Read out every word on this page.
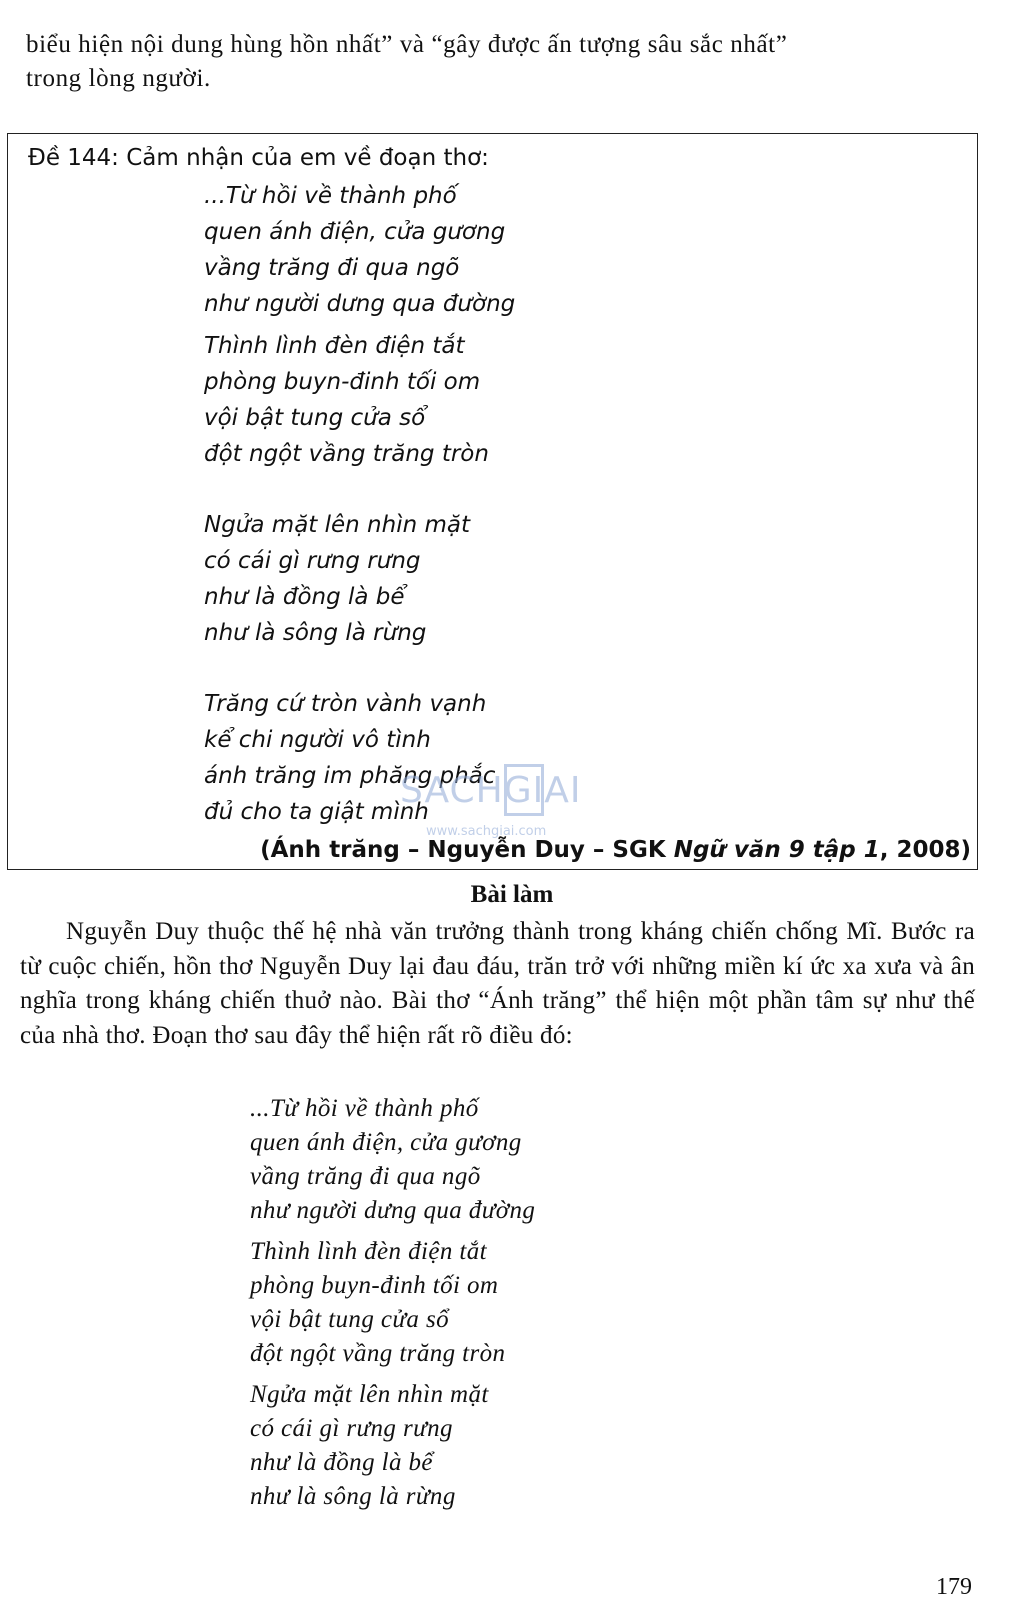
biểu hiện nội dung hùng hồn nhất” và “gây được ấn tượng sâu sắc nhất”

trong lòng người.

Đề 144: Cảm nhận của em về đoạn thơ:

...Từ hồi về thành phố
quen ánh điện, cửa gương
vầng trăng đi qua ngõ
như người dưng qua đường
Thình lình đèn điện tắt
phòng buyn-đinh tối om
vội bật tung cửa sổ
đột ngột vầng trăng tròn
Ngửa mặt lên nhìn mặt
có cái gì rưng rưng
như là đồng là bể
như là sông là rừng
Trăng cứ tròn vành vạnh
kể chi người vô tình
ánh trăng im phăng phắc
đủ cho ta giật mình
(Ánh trăng – Nguyễn Duy – SGK Ngữ văn 9 tập 1, 2008)
SACHGIAI
www.sachgiai.com

Bài làm

Nguyễn Duy thuộc thế hệ nhà văn trưởng thành trong kháng chiến chống Mĩ. Bước ra từ cuộc chiến, hồn thơ Nguyễn Duy lại đau đáu, trăn trở với những miền kí ức xa xưa và ân nghĩa trong kháng chiến thuở nào. Bài thơ “Ánh trăng” thể hiện một phần tâm sự như thế của nhà thơ. Đoạn thơ sau đây thể hiện rất rõ điều đó:

...Từ hồi về thành phố
quen ánh điện, cửa gương
vầng trăng đi qua ngõ
như người dưng qua đường
Thình lình đèn điện tắt
phòng buyn-đinh tối om
vội bật tung cửa sổ
đột ngột vầng trăng tròn
Ngửa mặt lên nhìn mặt
có cái gì rưng rưng
như là đồng là bể
như là sông là rừng

179
